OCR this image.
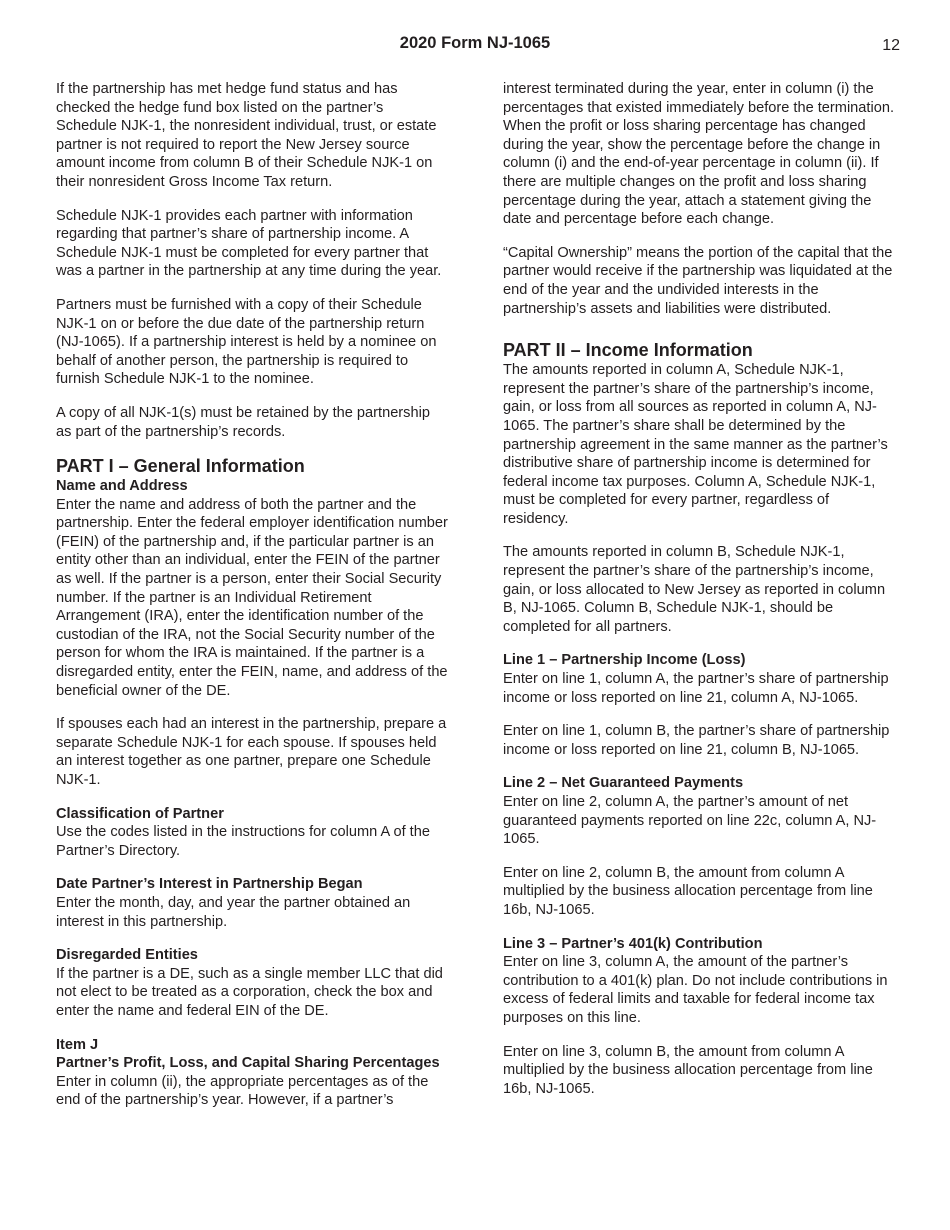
2020 Form NJ-1065	12

If the partnership has met hedge fund status and has checked the hedge fund box listed on the partner’s Schedule NJK-1, the nonresident individual, trust, or estate partner is not required to report the New Jersey source amount income from column B of their Schedule NJK-1 on their nonresident Gross Income Tax return.

Schedule NJK-1 provides each partner with information regarding that partner’s share of partnership income. A Schedule NJK-1 must be completed for every partner that was a partner in the partnership at any time during the year.

Partners must be furnished with a copy of their Schedule NJK-1 on or before the due date of the partnership return (NJ-1065). If a partnership interest is held by a nominee on behalf of another person, the partnership is required to furnish Schedule NJK-1 to the nominee.

A copy of all NJK-1(s) must be retained by the partnership as part of the partnership’s records.

PART I – General Information
Name and Address

Enter the name and address of both the partner and the partnership. Enter the federal employer identification number (FEIN) of the partnership and, if the particular partner is an entity other than an individual, enter the FEIN of the partner as well. If the partner is a person, enter their Social Security number. If the partner is an Individual Retirement Arrangement (IRA), enter the identification number of the custodian of the IRA, not the Social Security number of the person for whom the IRA is maintained. If the partner is a disregarded entity, enter the FEIN, name, and address of the beneficial owner of the DE.

If spouses each had an interest in the partnership, prepare a separate Schedule NJK-1 for each spouse. If spouses held an interest together as one partner, prepare one Schedule NJK-1.

Classification of Partner
Use the codes listed in the instructions for column A of the Partner’s Directory.
Date Partner’s Interest in Partnership Began
Enter the month, day, and year the partner obtained an interest in this partnership.
Disregarded Entities
If the partner is a DE, such as a single member LLC that did not elect to be treated as a corporation, check the box and enter the name and federal EIN of the DE.
Item J
Partner’s Profit, Loss, and Capital Sharing Percentages
Enter in column (ii), the appropriate percentages as of the end of the partnership’s year. However, if a partner’s

interest terminated during the year, enter in column (i) the percentages that existed immediately before the termination. When the profit or loss sharing percentage has changed during the year, show the percentage before the change in column (i) and the end-of-year percentage in column (ii). If there are multiple changes on the profit and loss sharing percentage during the year, attach a statement giving the date and percentage before each change.

“Capital Ownership” means the portion of the capital that the partner would receive if the partnership was liquidated at the end of the year and the undivided interests in the partnership’s assets and liabilities were distributed.

PART II – Income Information

The amounts reported in column A, Schedule NJK-1, represent the partner’s share of the partnership’s income, gain, or loss from all sources as reported in column A, NJ-1065. The partner’s share shall be determined by the partnership agreement in the same manner as the partner’s distributive share of partnership income is determined for federal income tax purposes. Column A, Schedule NJK-1, must be completed for every partner, regardless of residency.

The amounts reported in column B, Schedule NJK-1, represent the partner’s share of the partnership’s income, gain, or loss allocated to New Jersey as reported in column B, NJ-1065. Column B, Schedule NJK-1, should be completed for all partners.

Line 1 – Partnership Income (Loss)

Enter on line 1, column A, the partner’s share of partnership income or loss reported on line 21, column A, NJ-1065.

Enter on line 1, column B, the partner’s share of partnership income or loss reported on line 21, column B, NJ-1065.

Line 2 – Net Guaranteed Payments

Enter on line 2, column A, the partner’s amount of net guaranteed payments reported on line 22c, column A, NJ-1065.

Enter on line 2, column B, the amount from column A multiplied by the business allocation percentage from line 16b, NJ-1065.

Line 3 – Partner’s 401(k) Contribution

Enter on line 3, column A, the amount of the partner’s contribution to a 401(k) plan. Do not include contributions in excess of federal limits and taxable for federal income tax purposes on this line.

Enter on line 3, column B, the amount from column A multiplied by the business allocation percentage from line 16b, NJ-1065.
